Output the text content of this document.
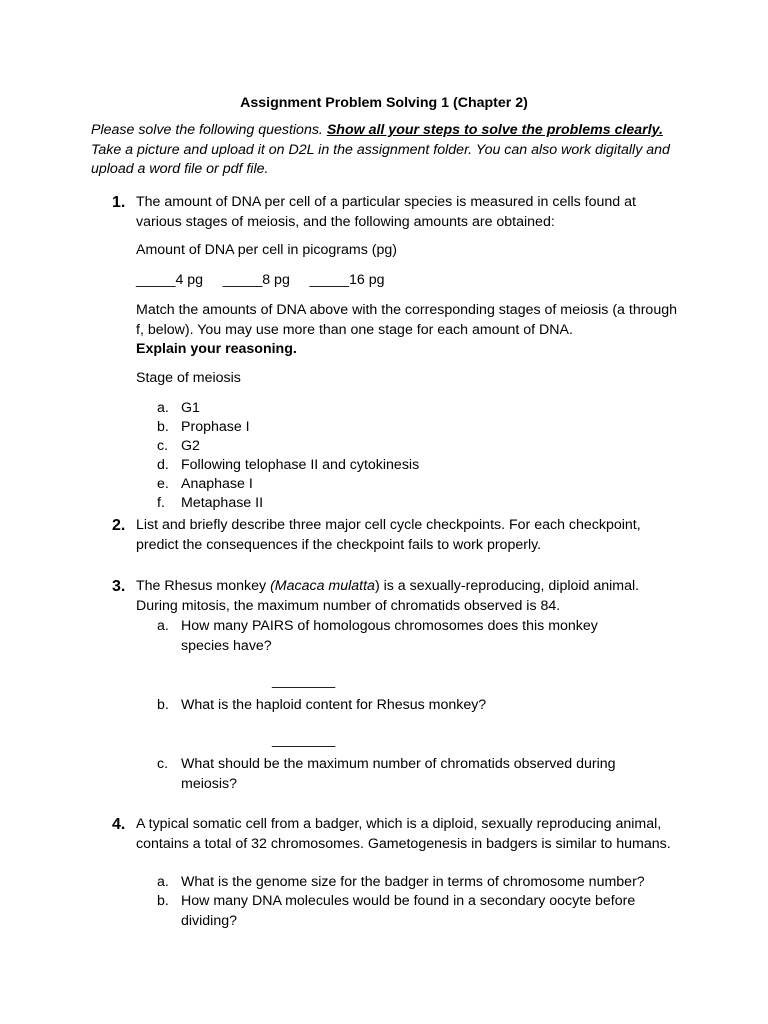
Assignment Problem Solving 1 (Chapter 2)
Please solve the following questions. Show all your steps to solve the problems clearly. Take a picture and upload it on D2L in the assignment folder. You can also work digitally and upload a word file or pdf file.
1. The amount of DNA per cell of a particular species is measured in cells found at various stages of meiosis, and the following amounts are obtained:
Amount of DNA per cell in picograms (pg)
_____4 pg     _____8 pg     _____16 pg
Match the amounts of DNA above with the corresponding stages of meiosis (a through f, below). You may use more than one stage for each amount of DNA.
Explain your reasoning.
Stage of meiosis
a. G1
b. Prophase I
c. G2
d. Following telophase II and cytokinesis
e. Anaphase I
f. Metaphase II
2. List and briefly describe three major cell cycle checkpoints. For each checkpoint, predict the consequences if the checkpoint fails to work properly.
3. The Rhesus monkey (Macaca mulatta) is a sexually-reproducing, diploid animal. During mitosis, the maximum number of chromatids observed is 84.
a. How many PAIRS of homologous chromosomes does this monkey species have?
________
b. What is the haploid content for Rhesus monkey?
________
c. What should be the maximum number of chromatids observed during meiosis?
4. A typical somatic cell from a badger, which is a diploid, sexually reproducing animal, contains a total of 32 chromosomes. Gametogenesis in badgers is similar to humans.
a. What is the genome size for the badger in terms of chromosome number?
b. How many DNA molecules would be found in a secondary oocyte before dividing?
